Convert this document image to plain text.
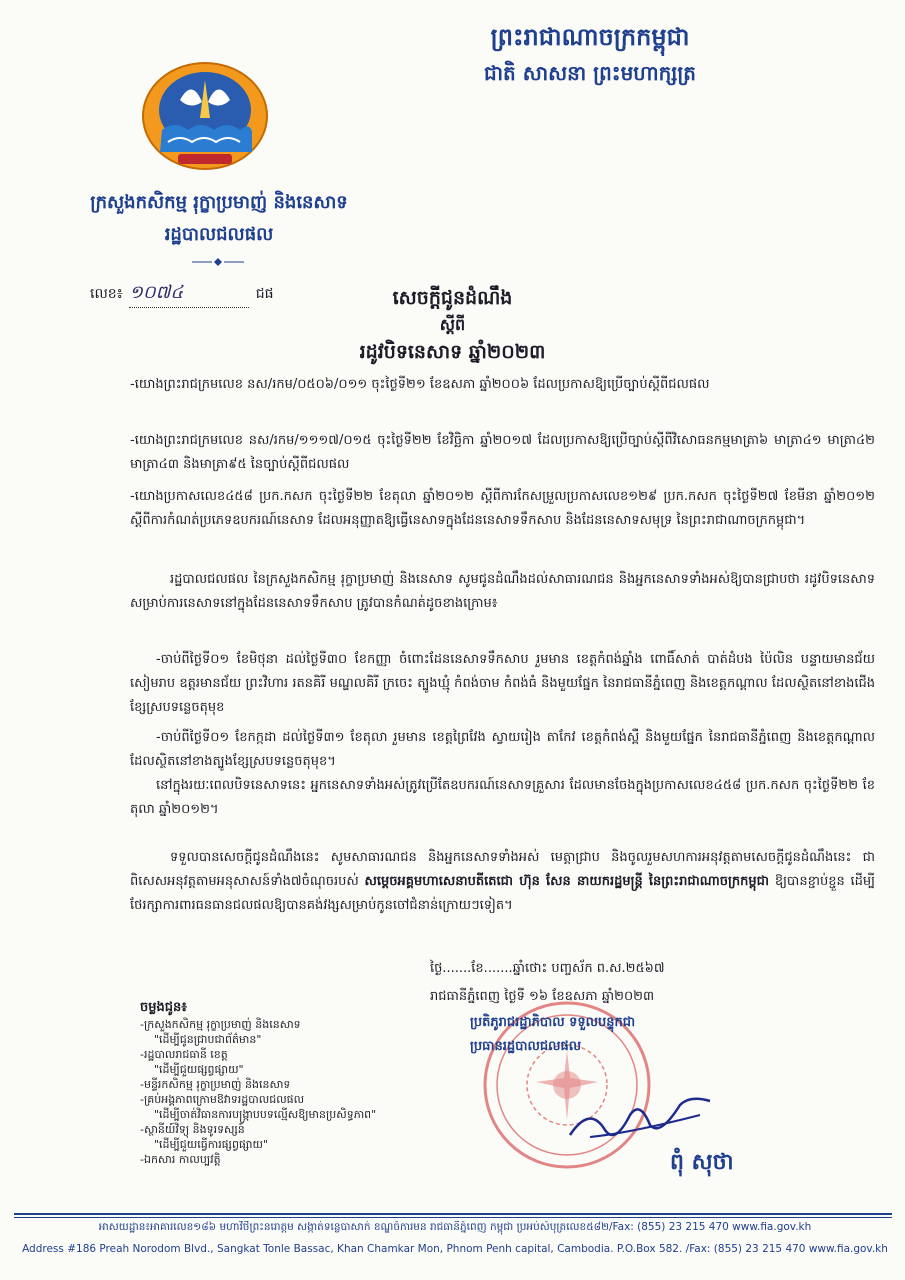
ព្រះរាជាណាចក្រកម្ពុជា
ជាតិ សាសនា ព្រះមហាក្សត្រ
ក្រសួងកសិកម្ម រុក្ខាប្រមាញ់ និងនេសាទ
រដ្ឋបាលជលផល
លេខ៖ ១០៧៤	ជផ	សេចក្ដីជូនដំណឹង
ស្ដីពី
រដូវបិទនេសាទ ឆ្នាំ២០២៣
-យោងព្រះរាជក្រមលេខ នស/រកម/០៥០៦/០១១ ចុះថ្ងៃទី២១ ខែឧសភា ឆ្នាំ២០០៦ ដែលប្រកាសឱ្យប្រើច្បាប់ស្ដីពីជលផល
-យោងព្រះរាជក្រមលេខ នស/រកម/១១១៧/០១៥ ចុះថ្ងៃទី២២ ខែវិច្ឆិកា ឆ្នាំ២០១៧ ដែលប្រកាសឱ្យប្រើច្បាប់ស្ដីពីវិសោធនកម្មមាត្រា៦ មាត្រា៤១ មាត្រា៤២ មាត្រា៤៣ និងមាត្រា៩៥ នៃច្បាប់ស្ដីពីជលផល
-យោងប្រកាសលេខ៤៥៨ ប្រក.កសក ចុះថ្ងៃទី២២ ខែតុលា ឆ្នាំ២០១២ ស្ដីពីការកែសម្រួលប្រកាសលេខ១២៩ ប្រក.កសក ចុះថ្ងៃទី២៧ ខែមីនា ឆ្នាំ២០១២ ស្ដីពីការកំណត់ប្រភេទឧបករណ៍នេសាទ ដែលអនុញ្ញាតឱ្យធ្វើនេសាទក្នុងដែននេសាទទឹកសាប និងដែននេសាទសមុទ្រ នៃព្រះរាជាណាចក្រកម្ពុជា។
រដ្ឋបាលជលផល នៃក្រសួងកសិកម្ម រុក្ខាប្រមាញ់ និងនេសាទ សូមជូនដំណឹងដល់សាធារណជន និងអ្នកនេសាទទាំងអស់ឱ្យបានជ្រាបថា រដូវបិទនេសាទសម្រាប់ការនេសាទនៅក្នុងដែននេសាទទឹកសាប ត្រូវបានកំណត់ដូចខាងក្រោម៖
-ចាប់ពីថ្ងៃទី០១ ខែមិថុនា ដល់ថ្ងៃទី៣០ ខែកញ្ញា ចំពោះដែននេសាទទឹកសាប រួមមាន ខេត្តកំពង់ឆ្នាំង ពោធិ៍សាត់ បាត់ដំបង ប៉ៃលិន បន្ទាយមានជ័យ សៀមរាប ឧត្តរមានជ័យ ព្រះវិហារ រតនគិរី មណ្ឌលគិរី ក្រចេះ ត្បូងឃ្មុំ កំពង់ចាម កំពង់ធំ និងមួយផ្នែក នៃរាជធានីភ្នំពេញ និងខេត្តកណ្ដាល ដែលស្ថិតនៅខាងជើងខ្សែស្របទន្លេចតុមុខ
-ចាប់ពីថ្ងៃទី០១ ខែកក្កដា ដល់ថ្ងៃទី៣១ ខែតុលា រួមមាន ខេត្តព្រៃវែង ស្វាយរៀង តាកែវ ខេត្តកំពង់ស្ពឺ និងមួយផ្នែក នៃរាជធានីភ្នំពេញ និងខេត្តកណ្ដាល ដែលស្ថិតនៅខាងត្បូងខ្សែស្របទន្លេចតុមុខ។
នៅក្នុងរយៈពេលបិទនេសាទនេះ អ្នកនេសាទទាំងអស់ត្រូវប្រើតែឧបករណ៍នេសាទគ្រួសារ ដែលមានចែងក្នុងប្រកាសលេខ៤៥៨ ប្រក.កសក ចុះថ្ងៃទី២២ ខែតុលា ឆ្នាំ២០១២។
ទទួលបានសេចក្ដីជូនដំណឹងនេះ សូមសាធារណជន និងអ្នកនេសាទទាំងអស់ មេត្តាជ្រាប និងចូលរួមសហការអនុវត្តតាមសេចក្ដីជូនដំណឹងនេះ ជាពិសេសអនុវត្តតាមអនុសាសន៍ទាំង៧ចំណុចរបស់ សម្ដេចអគ្គមហាសេនាបតីតេជោ ហ៊ុន សែន នាយករដ្ឋមន្ត្រី នៃព្រះរាជាណាចក្រកម្ពុជា ឱ្យបានខ្ជាប់ខ្ជួន ដើម្បីថែរក្សាការពារធនធានជលផលឱ្យបានគង់វង្សសម្រាប់កូនចៅជំនាន់ក្រោយៗទៀត។
ថ្ងៃ.......ខែ.......ឆ្នាំថោះ បញ្ចស័ក ព.ស.២៥៦៧
រាជធានីភ្នំពេញ ថ្ងៃទី ១៦ ខែឧសភា ឆ្នាំ២០២៣
ប្រតិភូរាជរដ្ឋាភិបាល ទទួលបន្ទុកជា
ប្រធានរដ្ឋបាលជលផល
ពុំ សុថា
ចម្លងជូន៖
-ក្រសួងកសិកម្ម រុក្ខាប្រមាញ់ និងនេសាទ
"ដើម្បីជូនជ្រាបជាព័ត៌មាន"
-រដ្ឋបាលរាជធានី ខេត្ត
"ដើម្បីជួយផ្សព្វផ្សាយ"
-មន្ទីរកសិកម្ម រុក្ខាប្រមាញ់ និងនេសាទ
-គ្រប់អង្គភាពក្រោមឱវាទរដ្ឋបាលជលផល
"ដើម្បីចាត់វិធានការបង្ក្រាបបទល្មើសឱ្យមានប្រសិទ្ធភាព"
-ស្ថានីយ៍វិទ្យុ និងទូរទស្សន៍
"ដើម្បីជួយធ្វើការផ្សព្វផ្សាយ"
-ឯកសារ កាលប្បវត្តិ
អាសយដ្ឋាន៖អាគារលេខ១៨៦ មហាវិថីព្រះនរោត្តម សង្កាត់ទន្លេបាសាក់ ខណ្ឌចំការមន រាជធានីភ្នំពេញ កម្ពុជា ប្រអប់សំបុត្រលេខ៥៨២/Fax: (855) 23 215 470 www.fia.gov.kh
Address #186 Preah Norodom Blvd., Sangkat Tonle Bassac, Khan Chamkar Mon, Phnom Penh capital, Cambodia. P.O.Box 582. /Fax: (855) 23 215 470 www.fia.gov.kh
